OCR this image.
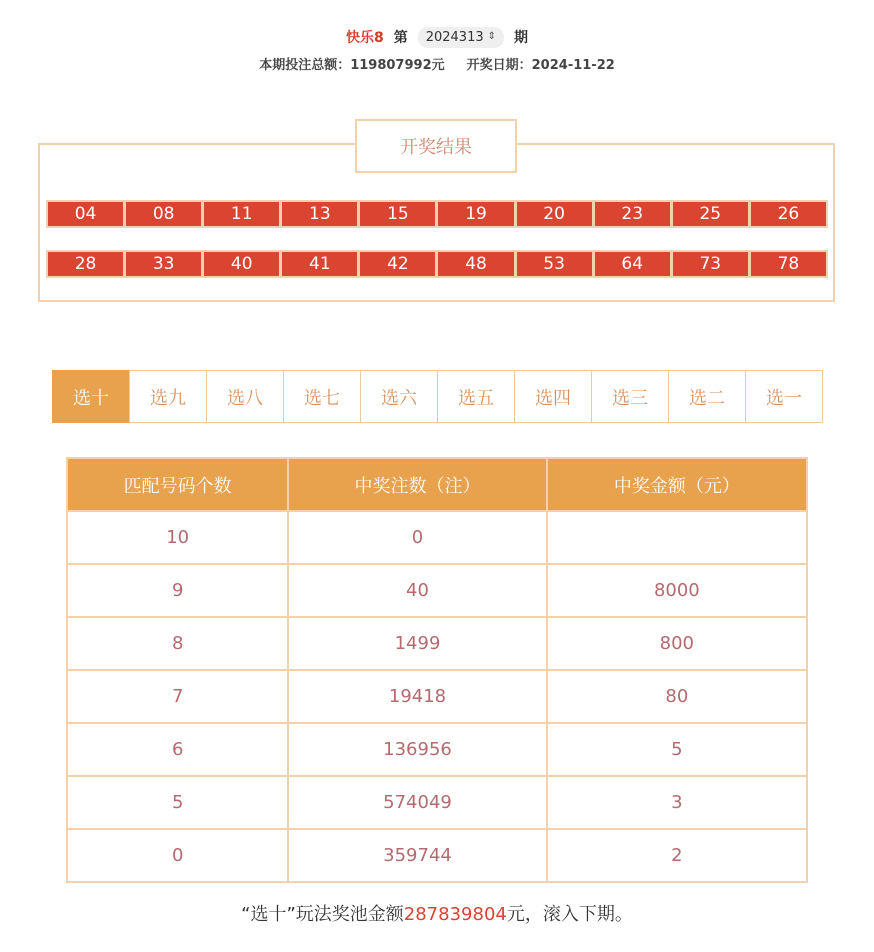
快乐8 第 2024313 ⇕ 期
本期投注总额：119807992元 开奖日期：2024-11-22
开奖结果
04	08	11	13	15	19	20	23	25	26
28	33	40	41	42	48	53	64	73	78
选十	选九	选八	选七	选六	选五	选四	选三	选二	选一
匹配号码个数	中奖注数（注）	中奖金额（元）
10	0	
9	40	8000
8	1499	800
7	19418	80
6	136956	5
5	574049	3
0	359744	2
“选十”玩法奖池金额287839804元，滚入下期。
